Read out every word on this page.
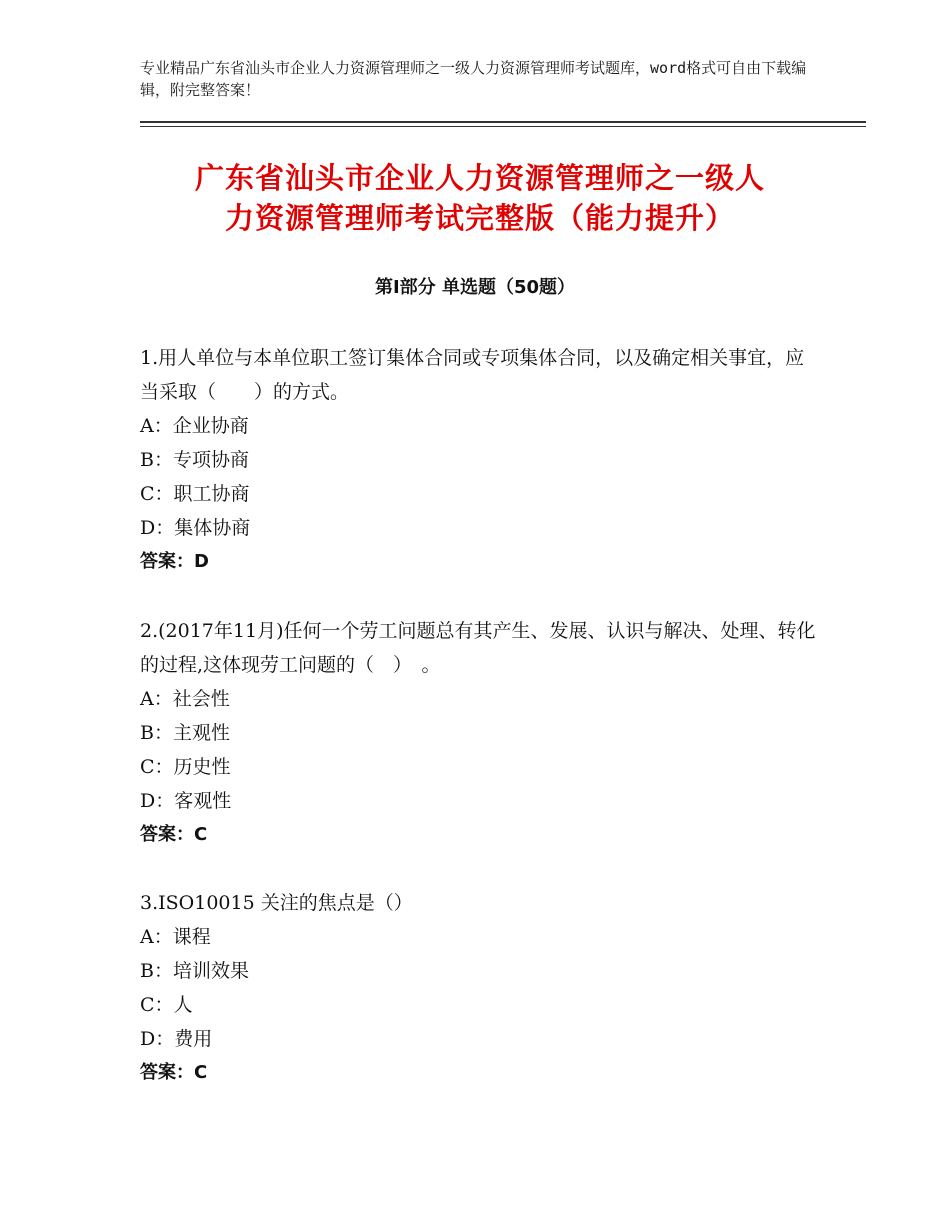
专业精品广东省汕头市企业人力资源管理师之一级人力资源管理师考试题库，word格式可自由下载编辑，附完整答案！
广东省汕头市企业人力资源管理师之一级人
力资源管理师考试完整版（能力提升）
第Ⅰ部分 单选题（50题）

1.用人单位与本单位职工签订集体合同或专项集体合同，以及确定相关事宜，应当采取（　　）的方式。

A：企业协商

B：专项协商

C：职工协商

D：集体协商

答案：D

2.(2017年11月)任何一个劳工问题总有其产生、发展、认识与解决、处理、转化的过程,这体现劳工问题的（　）　。

A：社会性

B：主观性

C：历史性

D：客观性

答案：C

3.ISO10015 关注的焦点是（）

A：课程

B：培训效果

C：人

D：费用

答案：C
